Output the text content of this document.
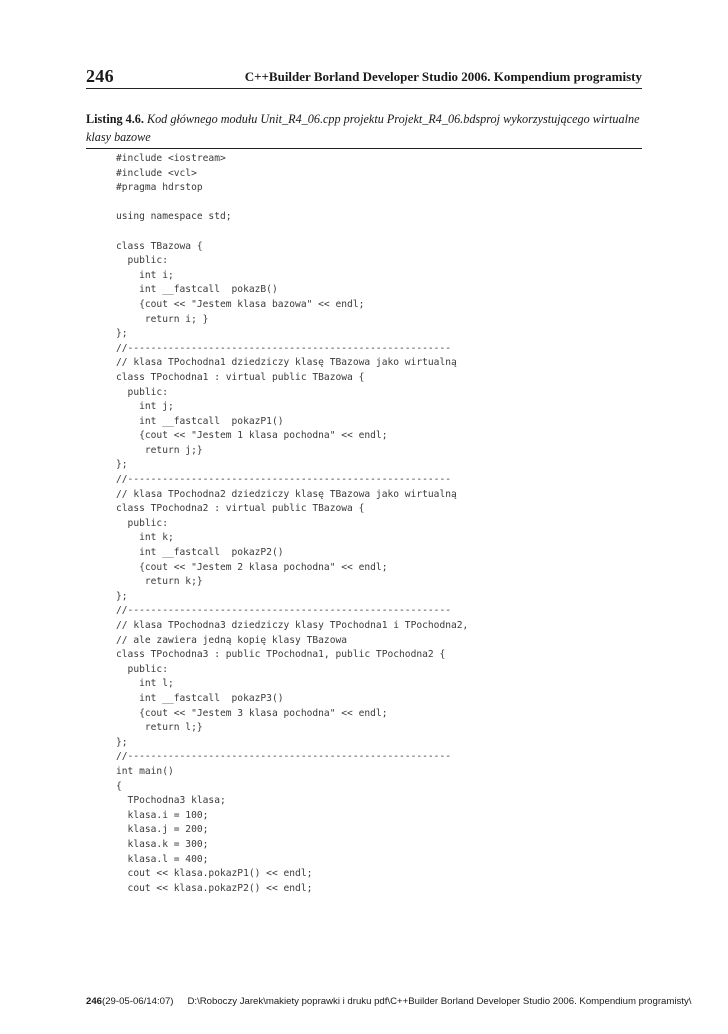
246	C++Builder Borland Developer Studio 2006. Kompendium programisty
Listing 4.6. Kod głównego modułu Unit_R4_06.cpp projektu Projekt_R4_06.bdsproj wykorzystującego wirtualne klasy bazowe
#include <iostream>
#include <vcl>
#pragma hdrstop
using namespace std;
class TBazowa {
public:
int i;
int __fastcall  pokazB()
{cout << "Jestem klasa bazowa" << endl;
return i; }
};
//--------------------------------------------------------
// klasa TPochodna1 dziedziczy klasę TBazowa jako wirtualną
class TPochodna1 : virtual public TBazowa {
public:
int j;
int __fastcall  pokazP1()
{cout << "Jestem 1 klasa pochodna" << endl;
return j;}
};
//--------------------------------------------------------
// klasa TPochodna2 dziedziczy klasę TBazowa jako wirtualną
class TPochodna2 : virtual public TBazowa {
public:
int k;
int __fastcall  pokazP2()
{cout << "Jestem 2 klasa pochodna" << endl;
return k;}
};
//--------------------------------------------------------
// klasa TPochodna3 dziedziczy klasy TPochodna1 i TPochodna2,
// ale zawiera jedną kopię klasy TBazowa
class TPochodna3 : public TPochodna1, public TPochodna2 {
public:
int l;
int __fastcall  pokazP3()
{cout << "Jestem 3 klasa pochodna" << endl;
return l;}
};
//--------------------------------------------------------
int main()
{
TPochodna3 klasa;
klasa.i = 100;
klasa.j = 200;
klasa.k = 300;
klasa.l = 400;
cout << klasa.pokazP1() << endl;
cout << klasa.pokazP2() << endl;
246(29-05-06/14:07) D:\Roboczy Jarek\makiety poprawki i druku pdf\C++Builder Borland Developer Studio 2006. Kompendium programisty\
